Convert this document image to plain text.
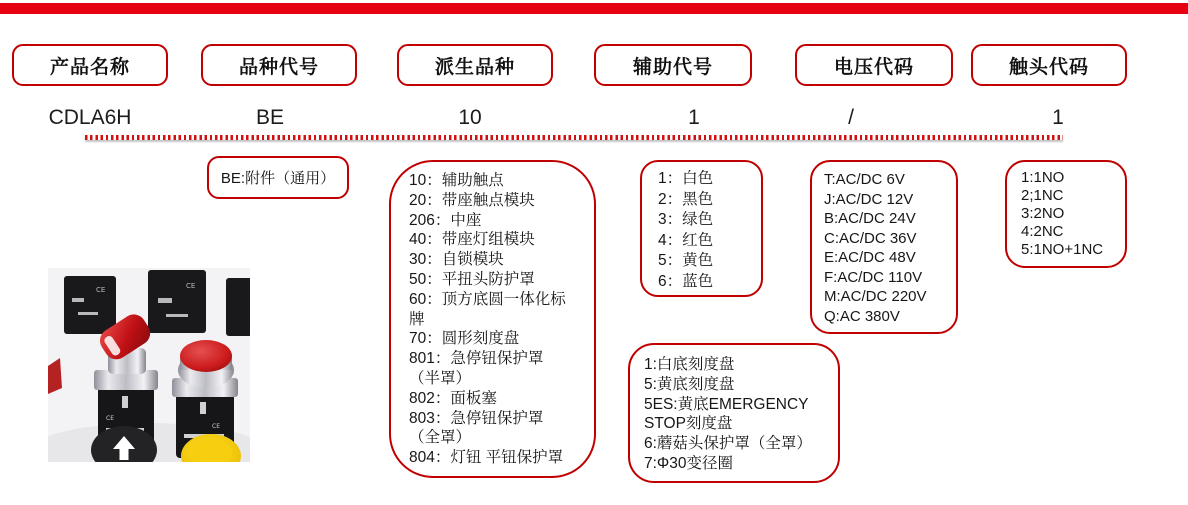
产品名称	品种代号	派生品种	辅助代号	电压代码	触头代码
CDLA6H	BE	10	1	/	1
BE:附件（通用）	10：辅助触点
20：带座触点模块
206：中座
40：带座灯组模块
30：自锁模块
50：平扭头防护罩
60：顶方底圆一体化标牌
70：圆形刻度盘
801：急停钮保护罩（半罩）
802：面板塞
803：急停钮保护罩（全罩）
804：灯钮 平钮保护罩
1：白色
2：黑色
3：绿色
4：红色
5：黄色
6：蓝色
T:AC/DC 6V
J:AC/DC 12V
B:AC/DC 24V
C:AC/DC 36V
E:AC/DC 48V
F:AC/DC 110V
M:AC/DC 220V
Q:AC 380V
1:1NO
2;1NC
3:2NO
4:2NC
5:1NO+1NC
1:白底刻度盘
5:黄底刻度盘
5ES:黄底EMERGENCY STOP刻度盘
6:蘑菇头保护罩（全罩）
7:Φ30变径圈
CE	CE
CE
CE
